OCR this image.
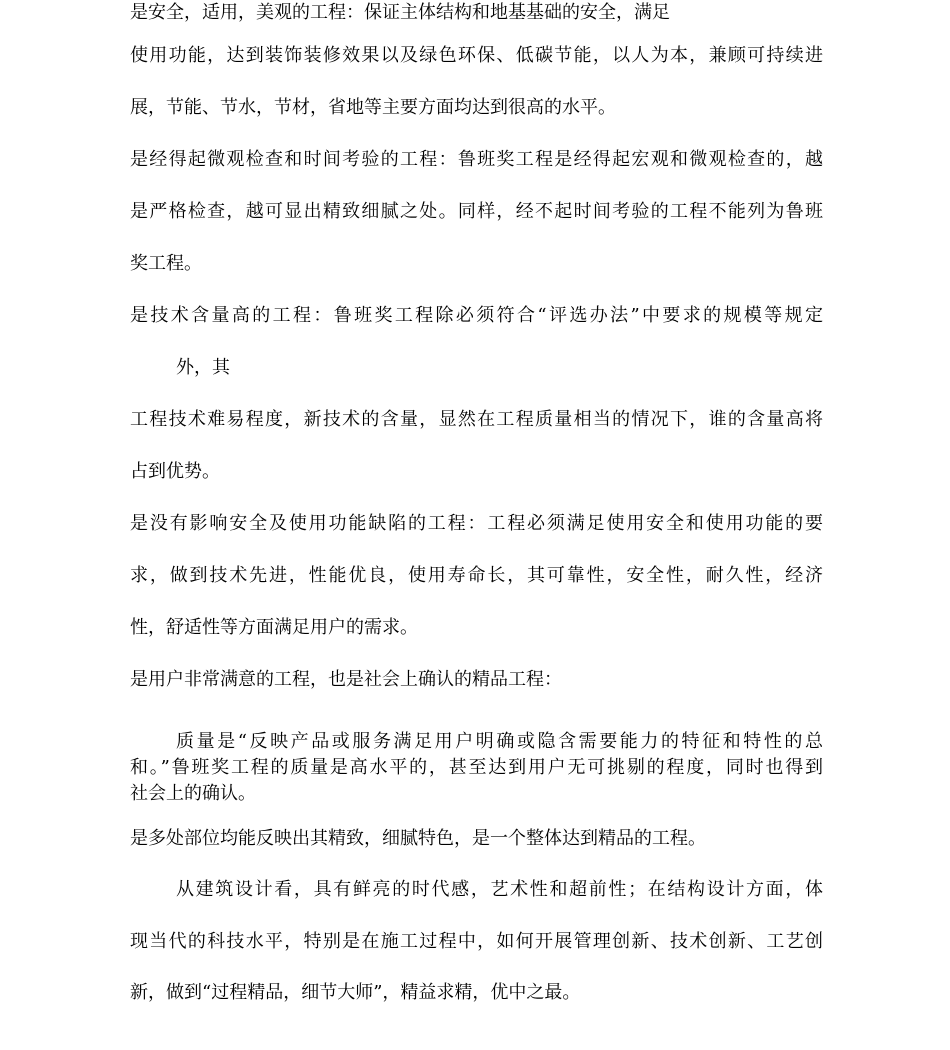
是安全，适用，美观的工程：保证主体结构和地基基础的安全，满足
使用功能，达到装饰装修效果以及绿色环保、低碳节能，以人为本，兼顾可持续进
展，节能、节水，节材，省地等主要方面均达到很高的水平。
是经得起微观检查和时间考验的工程：鲁班奖工程是经得起宏观和微观检查的，越
是严格检查，越可显出精致细腻之处。同样，经不起时间考验的工程不能列为鲁班
奖工程。
是技术含量高的工程：鲁班奖工程除必须符合“评选办法”中要求的规模等规定
外，其
工程技术难易程度，新技术的含量，显然在工程质量相当的情况下，谁的含量高将
占到优势。
是没有影响安全及使用功能缺陷的工程：工程必须满足使用安全和使用功能的要
求，做到技术先进，性能优良，使用寿命长，其可靠性，安全性，耐久性，经济
性，舒适性等方面满足用户的需求。
是用户非常满意的工程，也是社会上确认的精品工程：
质量是“反映产品或服务满足用户明确或隐含需要能力的特征和特性的总
和。”鲁班奖工程的质量是高水平的，甚至达到用户无可挑剔的程度，同时也得到
社会上的确认。
是多处部位均能反映出其精致，细腻特色，是一个整体达到精品的工程。
从建筑设计看，具有鲜亮的时代感，艺术性和超前性；在结构设计方面，体
现当代的科技水平，特别是在施工过程中，如何开展管理创新、技术创新、工艺创
新，做到“过程精品，细节大师”，精益求精，优中之最。
